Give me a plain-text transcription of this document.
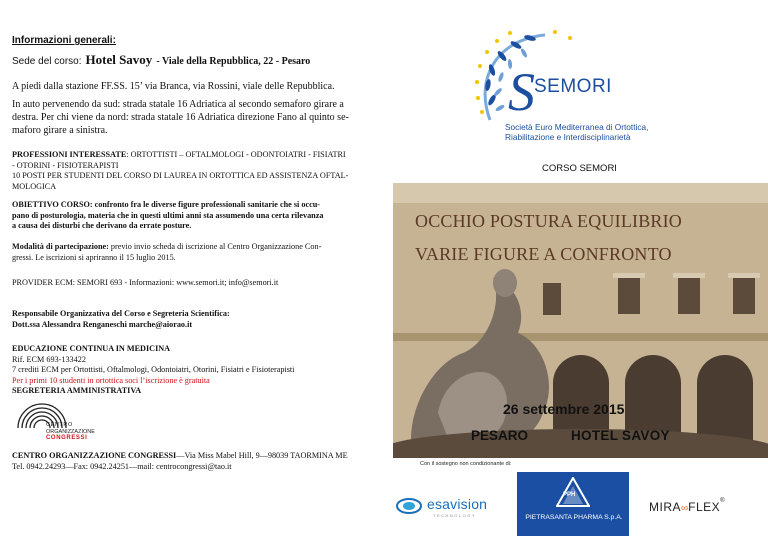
Informazioni generali:
Sede del corso: Hotel Savoy - Viale della Repubblica, 22 - Pesaro
A piedi dalla stazione FF.SS. 15’ via Branca, via Rossini, viale delle Repubblica.
In auto pervenendo da sud: strada statale 16 Adriatica al secondo semaforo girare a
destra. Per chi viene da nord: strada statale 16 Adriatica direzione Fano al quinto se-
maforo girare a sinistra.
PROFESSIONI INTERESSATE: ORTOTTISTI – OFTALMOLOGI - ODONTOIATRI - FISIATRI
- OTORINI - FISIOTERAPISTI
10 POSTI PER STUDENTI DEL CORSO DI LAUREA IN ORTOTTICA ED ASSISTENZA OFTAL-
MOLOGICA
OBIETTIVO CORSO: confronto fra le diverse figure professionali sanitarie che si occu-
pano di posturologia, materia che in questi ultimi anni sta assumendo una certa rilevanza
a causa dei disturbi che derivano da errate posture.
Modalità di partecipazione: previo invio scheda di iscrizione al Centro Organizzazione Con-
gressi. Le iscrizioni si apriranno il 15 luglio 2015.
PROVIDER ECM: SEMORI 693 - Informazioni: www.semori.it; info@semori.it
Responsabile Organizzativa del Corso e Segreteria Scientifica:
Dott.ssa Alessandra Renganeschi marche@aiorao.it
EDUCAZIONE CONTINUA IN MEDICINA
Rif. ECM 693-133422
7 crediti ECM per Ortottisti, Oftalmologi, Odontoiatri, Otorini, Fisiatri e Fisioterapisti
Per i primi 10 studenti in ortottica soci l’iscrizione è gratuita
SEGRETERIA AMMINISTRATIVA
CENTRO
ORGANIZZAZIONE
CONGRESSI
CENTRO ORGANIZZAZIONE CONGRESSI—Via Miss Mabel Hill, 9—98039 TAORMINA ME
Tel. 0942.24293—Fax: 0942.24251—mail: centrocongressi@tao.it
S SEMORI
Società Euro Mediterranea di Ortottica,
Riabilitazione e Interdisciplinarietà
CORSO SEMORI
OCCHIO POSTURA EQUILIBRIO
VARIE FIGURE A CONFRONTO
26 settembre 2015
PESARO	HOTEL SAVOY
Con il sostegno non condizionante di:
esavision
TECHNOLOGY
PPH
PIETRASANTA PHARMA S.p.A.
MIRA∞FLEX®
